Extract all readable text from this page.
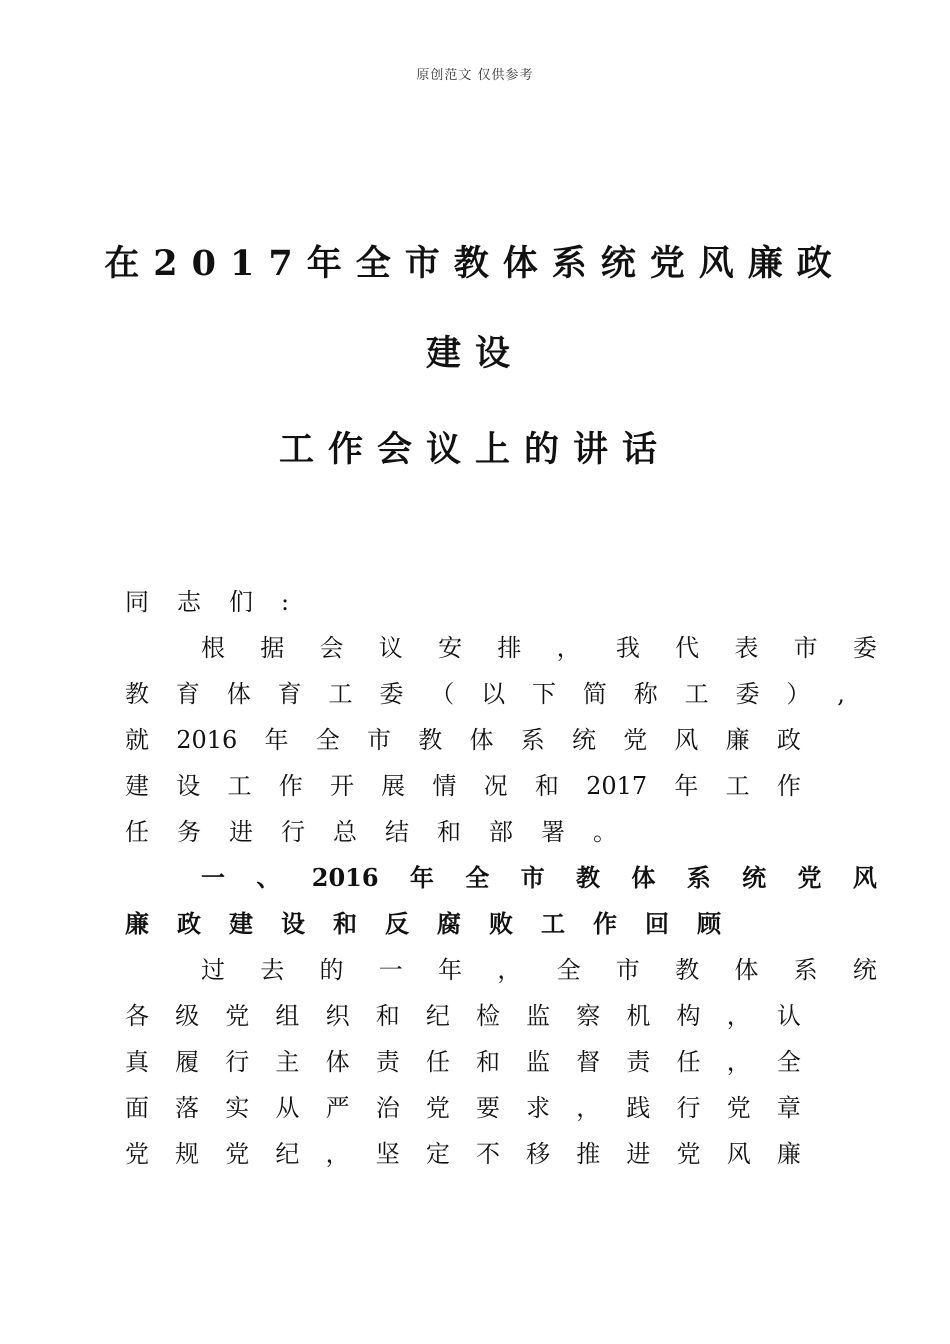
原创范文 仅供参考
在2017年全市教体系统党风廉政
建设
工作会议上的讲话
同 志 们 :
根 据 会 议 安 排 ， 我 代 表 市 委
教 育 体 育 工 委 （ 以 下 简 称 工 委 ） ,
就 2016 年 全 市 教 体 系 统 党 风 廉 政
建 设 工 作 开 展 情 况 和 2017 年 工 作
任 务 进 行 总 结 和 部 署 。
一 、 2016 年 全 市 教 体 系 统 党 风
廉 政 建 设 和 反 腐 败 工 作 回 顾
过 去 的 一 年 ， 全 市 教 体 系 统
各 级 党 组 织 和 纪 检 监 察 机 构 ， 认
真 履 行 主 体 责 任 和 监 督 责 任 ， 全
面 落 实 从 严 治 党 要 求 ， 践 行 党 章
党 规 党 纪 ， 坚 定 不 移 推 进 党 风 廉
